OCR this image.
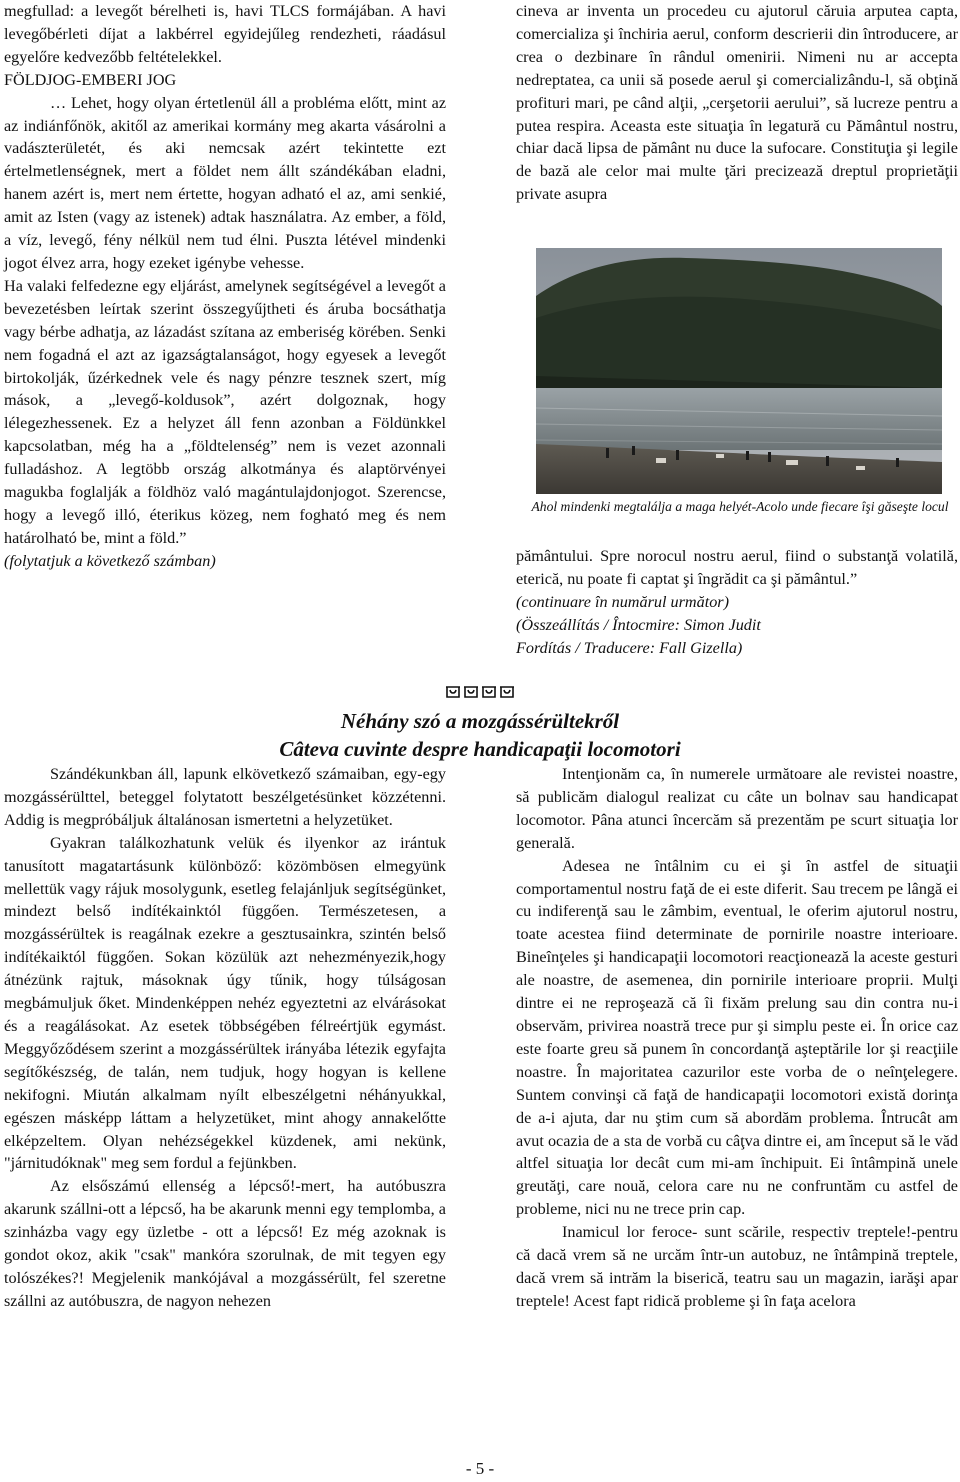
megfullad: a levegőt bérelheti is, havi TLCS formájában. A havi levegőbérleti díjat a lakbérrel egyidejűleg rendezheti, ráadásul egyelőre kedvezőbb feltételekkel.

FÖLDJOG-EMBERI JOG

… Lehet, hogy olyan értetlenül áll a probléma előtt, mint az az indiánfőnök, akitől az amerikai kormány meg akarta vásárolni a vadászterületét, és aki nemcsak azért tekintette ezt értelmetlenségnek, mert a földet nem állt szándékában eladni, hanem azért is, mert nem értette, hogyan adható el az, ami senkié, amit az Isten (vagy az istenek) adtak használatra. Az ember, a föld, a víz, levegő, fény nélkül nem tud élni. Puszta létével mindenki jogot élvez arra, hogy ezeket igénybe vehesse.

Ha valaki felfedezne egy eljárást, amelynek segítségével a levegőt a bevezetésben leírtak szerint összegyűjtheti és áruba bocsáthatja vagy bérbe adhatja, az lázadást szítana az emberiség körében. Senki nem fogadná el azt az igazságtalanságot, hogy egyesek a levegőt birtokolják, űzérkednek vele és nagy pénzre tesznek szert, míg mások, a „levegő-koldusok”, azért dolgoznak, hogy lélegezhessenek. Ez a helyzet áll fenn azonban a Földünkkel kapcsolatban, még ha a „földtelenség” nem is vezet azonnali fulladáshoz. A legtöbb ország alkotmánya és alaptörvényei magukba foglalják a földhöz való magántulajdonjogot. Szerencse, hogy a levegő illó, éterikus közeg, nem fogható meg és nem határolható be, mint a föld.”

(folytatjuk a következő számban)

cineva ar inventa un procedeu cu ajutorul căruia arputea capta, comercializa şi închiria aerul, conform descrierii din întroducere, ar crea o dezbinare în rândul omenirii. Nimeni nu ar accepta nedreptatea, ca unii să posede aerul şi comercializându-l, să obţină profituri mari, pe când alţii, „cerşetorii aerului”, să lucreze pentru a putea respira. Aceasta este situaţia în legatură cu Pământul nostru, chiar dacă lipsa de pământ nu duce la sufocare. Constituţia şi legile de bază ale celor mai multe ţări precizează dreptul proprietăţii private asupra

Ahol mindenki megtalálja a maga helyét-Acolo unde fiecare îşi găseşte locul

pământului. Spre norocul nostru aerul, fiind o substanţă volatilă, eterică, nu poate fi captat şi îngrădit ca şi pământul.”

(continuare în numărul următor)

(Összeállítás / Întocmire: Simon Judit

Fordítás / Traducere: Fall Gizella)

Néhány szó a mozgássérültekről
Câteva cuvinte despre handicapaţii locomotori

Szándékunkban áll, lapunk elkövetkező számaiban, egy-egy mozgássérülttel, beteggel folytatott beszélgetésünket közzétenni. Addig is megpróbáljuk általánosan ismertetni a helyzetüket.

Gyakran találkozhatunk velük és ilyenkor az irántuk tanusított magatartásunk különböző: közömbösen elmegyünk mellettük vagy rájuk mosolygunk, esetleg felajánljuk segítségünket, mindezt belső indítékainktól függően. Természetesen, a mozgássérültek is reagálnak ezekre a gesztusainkra, szintén belső indítékaiktól függően. Sokan közülük azt nehezményezik,hogy átnézünk rajtuk, másoknak úgy tűnik, hogy túlságosan megbámuljuk őket. Mindenképpen nehéz egyeztetni az elvárásokat és a reagálásokat. Az esetek többségében félreértjük egymást. Meggyőződésem szerint a mozgássérültek irányába létezik egyfajta segítőkészség, de talán, nem tudjuk, hogy hogyan is kellene nekifogni. Miután alkalmam nyílt elbeszélgetni néhányukkal, egészen másképp láttam a helyzetüket, mint ahogy annakelőtte elképzeltem. Olyan nehézségekkel küzdenek, ami nekünk, "járnitudóknak" meg sem fordul a fejünkben.

Az elsőszámú ellenség a lépcső!-mert, ha autóbuszra akarunk szállni-ott a lépcső, ha be akarunk menni egy templomba, a szinházba vagy egy üzletbe - ott a lépcső! Ez még azoknak is gondot okoz, akik "csak" mankóra szorulnak, de mit tegyen egy tolószékes?! Megjelenik mankójával a mozgássérült, fel szeretne szállni az autóbuszra, de nagyon nehezen

Intenţionăm ca, în numerele următoare ale revistei noastre, să publicăm dialogul realizat cu câte un bolnav sau handicapat locomotor. Pâna atunci încercăm să prezentăm pe scurt situaţia lor generală.

Adesea ne întâlnim cu ei şi în astfel de situaţii comportamentul nostru faţă de ei este diferit. Sau trecem pe lângă ei cu indiferenţă sau le zâmbim, eventual, le oferim ajutorul nostru, toate acestea fiind determinate de pornirile noastre interioare. Bineînţeles şi handicapaţii locomotori reacţionează la aceste gesturi ale noastre, de asemenea, din pornirile interioare proprii. Mulţi dintre ei ne reproşează că îi fixăm prelung sau din contra nu-i observăm, privirea noastră trece pur şi simplu peste ei. În orice caz este foarte greu să punem în concordanţă aşteptările lor şi reacţiile noastre. În majoritatea cazurilor este vorba de o neînţelegere. Suntem convinşi că faţă de handicapaţii locomotori există dorinţa de a-i ajuta, dar nu ştim cum să abordăm problema. Întrucât am avut ocazia de a sta de vorbă cu câţva dintre ei, am început să le văd altfel situaţia lor decât cum mi-am închipuit. Ei întâmpină unele greutăţi, care nouă, celora care nu ne confruntăm cu astfel de probleme, nici nu ne trece prin cap.

Inamicul lor feroce- sunt scările, respectiv treptele!-pentru că dacă vrem să ne urcăm într-un autobuz, ne întâmpină treptele, dacă vrem să intrăm la biserică, teatru sau un magazin, iarăşi apar treptele! Acest fapt ridică probleme şi în faţa acelora

- 5 -
